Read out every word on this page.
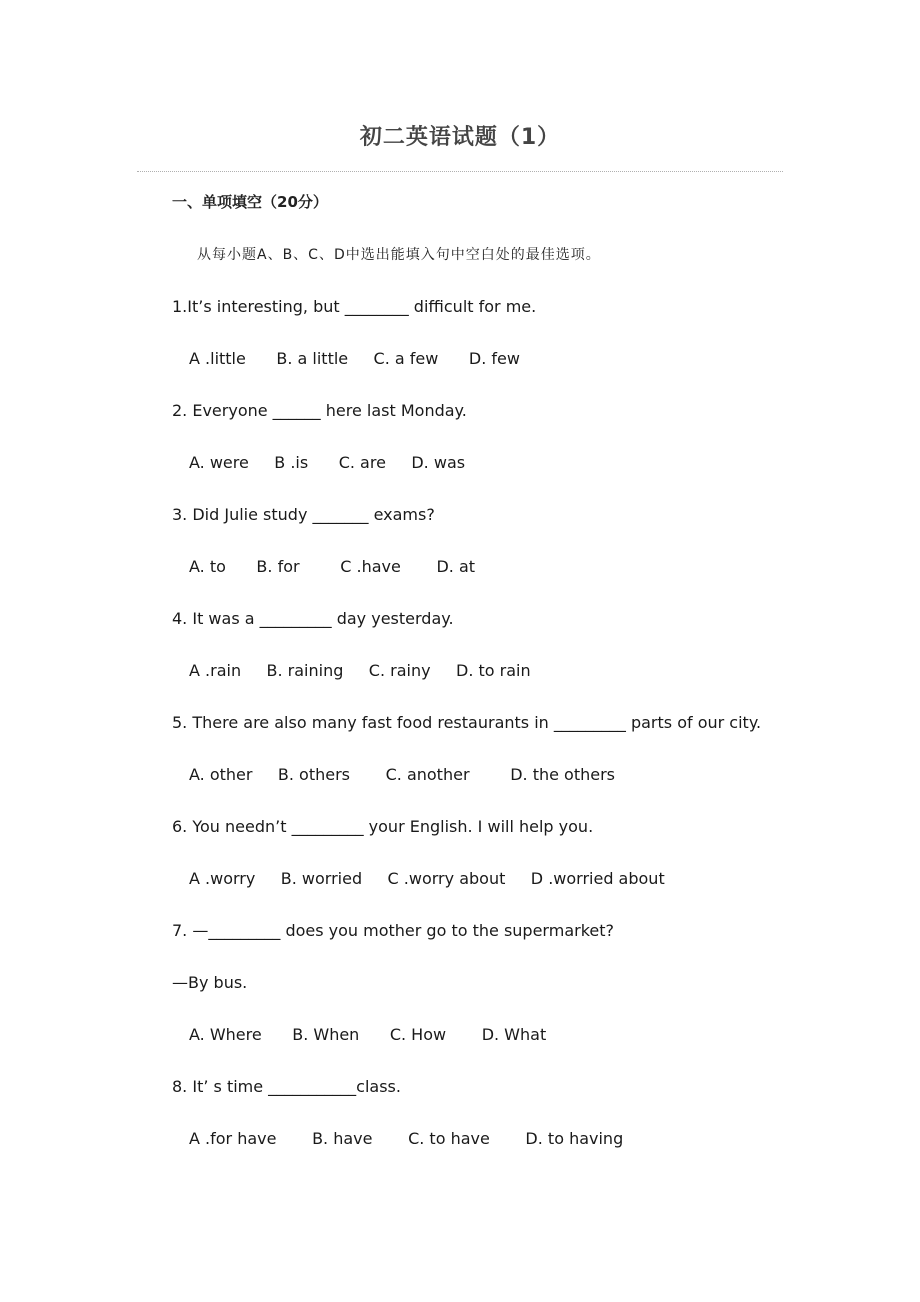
初二英语试题（1）
一、单项填空（20分）
从每小题A、B、C、D中选出能填入句中空白处的最佳选项。
1.It’s interesting, but ________ difficult for me.
A .little      B. a little     C. a few      D. few
2. Everyone ______ here last Monday.
A. were     B .is      C. are     D. was
3. Did Julie study _______ exams?
A. to      B. for        C .have       D. at
4. It was a _________ day yesterday.
A .rain     B. raining     C. rainy     D. to rain
5. There are also many fast food restaurants in _________ parts of our city.
A. other     B. others       C. another        D. the others
6. You needn’t _________ your English. I will help you.
A .worry     B. worried     C .worry about     D .worried about
7. —_________ does you mother go to the supermarket?
—By bus.
A. Where      B. When      C. How       D. What
8. It’ s time ___________class.
A .for have       B. have       C. to have       D. to having
